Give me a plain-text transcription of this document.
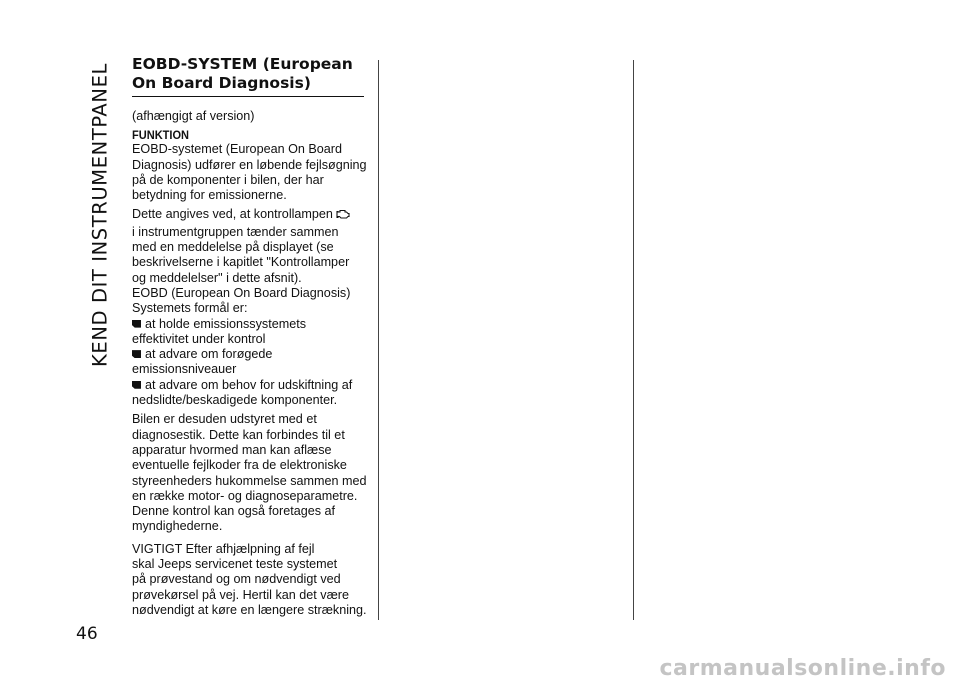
KEND DIT INSTRUMENTPANEL
46
EOBD-SYSTEM (European
On Board Diagnosis)

(afhængigt af version)

FUNKTION

EOBD-systemet (European On Board
Diagnosis) udfører en løbende fejlsøgning
på de komponenter i bilen, der har
betydning for emissionerne.

Dette angives ved, at kontrollampen
i instrumentgruppen tænder sammen
med en meddelelse på displayet (se
beskrivelserne i kapitlet "Kontrollamper
og meddelelser" i dette afsnit).
EOBD (European On Board Diagnosis)
Systemets formål er:

at holde emissionssystemets
effektivitet under kontrol
at advare om forøgede
emissionsniveauer
at advare om behov for udskiftning af
nedslidte/beskadigede komponenter.

Bilen er desuden udstyret med et
diagnosestik. Dette kan forbindes til et
apparatur hvormed man kan aflæse
eventuelle fejlkoder fra de elektroniske
styreenheders hukommelse sammen med
en række motor- og diagnoseparametre.
Denne kontrol kan også foretages af
myndighederne.

VIGTIGT Efter afhjælpning af fejl
skal Jeeps servicenet teste systemet
på prøvestand og om nødvendigt ved
prøvekørsel på vej. Hertil kan det være
nødvendigt at køre en længere strækning.

carmanualsonline.info
